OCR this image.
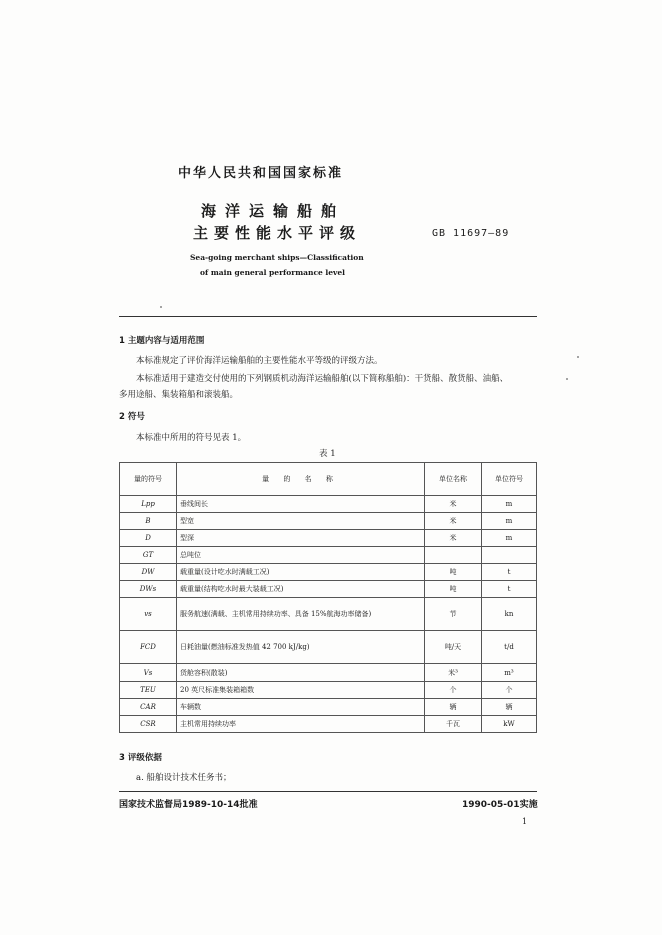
中华人民共和国国家标准
海洋运输船舶
主要性能水平评级	GB 11697—89
Sea-going merchant ships—Classification
of main general performance level
1 主题内容与适用范围
本标准规定了评价海洋运输船舶的主要性能水平等级的评级方法。
本标准适用于建造交付使用的下列钢质机动海洋运输船舶(以下简称船舶)：干货船、散货船、油船、
多用途船、集装箱船和滚装船。
2 符号
本标准中所用的符号见表 1。
表 1
量的符号	量 的 名 称	单位名称	单位符号
Lpp	垂线间长	米	m
B	型宽	米	m
D	型深	米	m
GT	总吨位		
DW	载重量(设计吃水时满载工况)	吨	t
DWs	载重量(结构吃水时最大装载工况)	吨	t
vs	服务航速(满载、主机常用持续功率、具备 15%航海功率储备)	节	kn
FCD	日耗油量(燃油标准发热值 42 700 kJ/kg)	吨/天	t/d
Vs	货舱容积(散装)	米³	m³
TEU	20 英尺标准集装箱箱数	个	个
CAR	车辆数	辆	辆
CSR	主机常用持续功率	千瓦	kW
3 评级依据
a. 船舶设计技术任务书；
国家技术监督局1989-10-14批准	1990-05-01实施
1
